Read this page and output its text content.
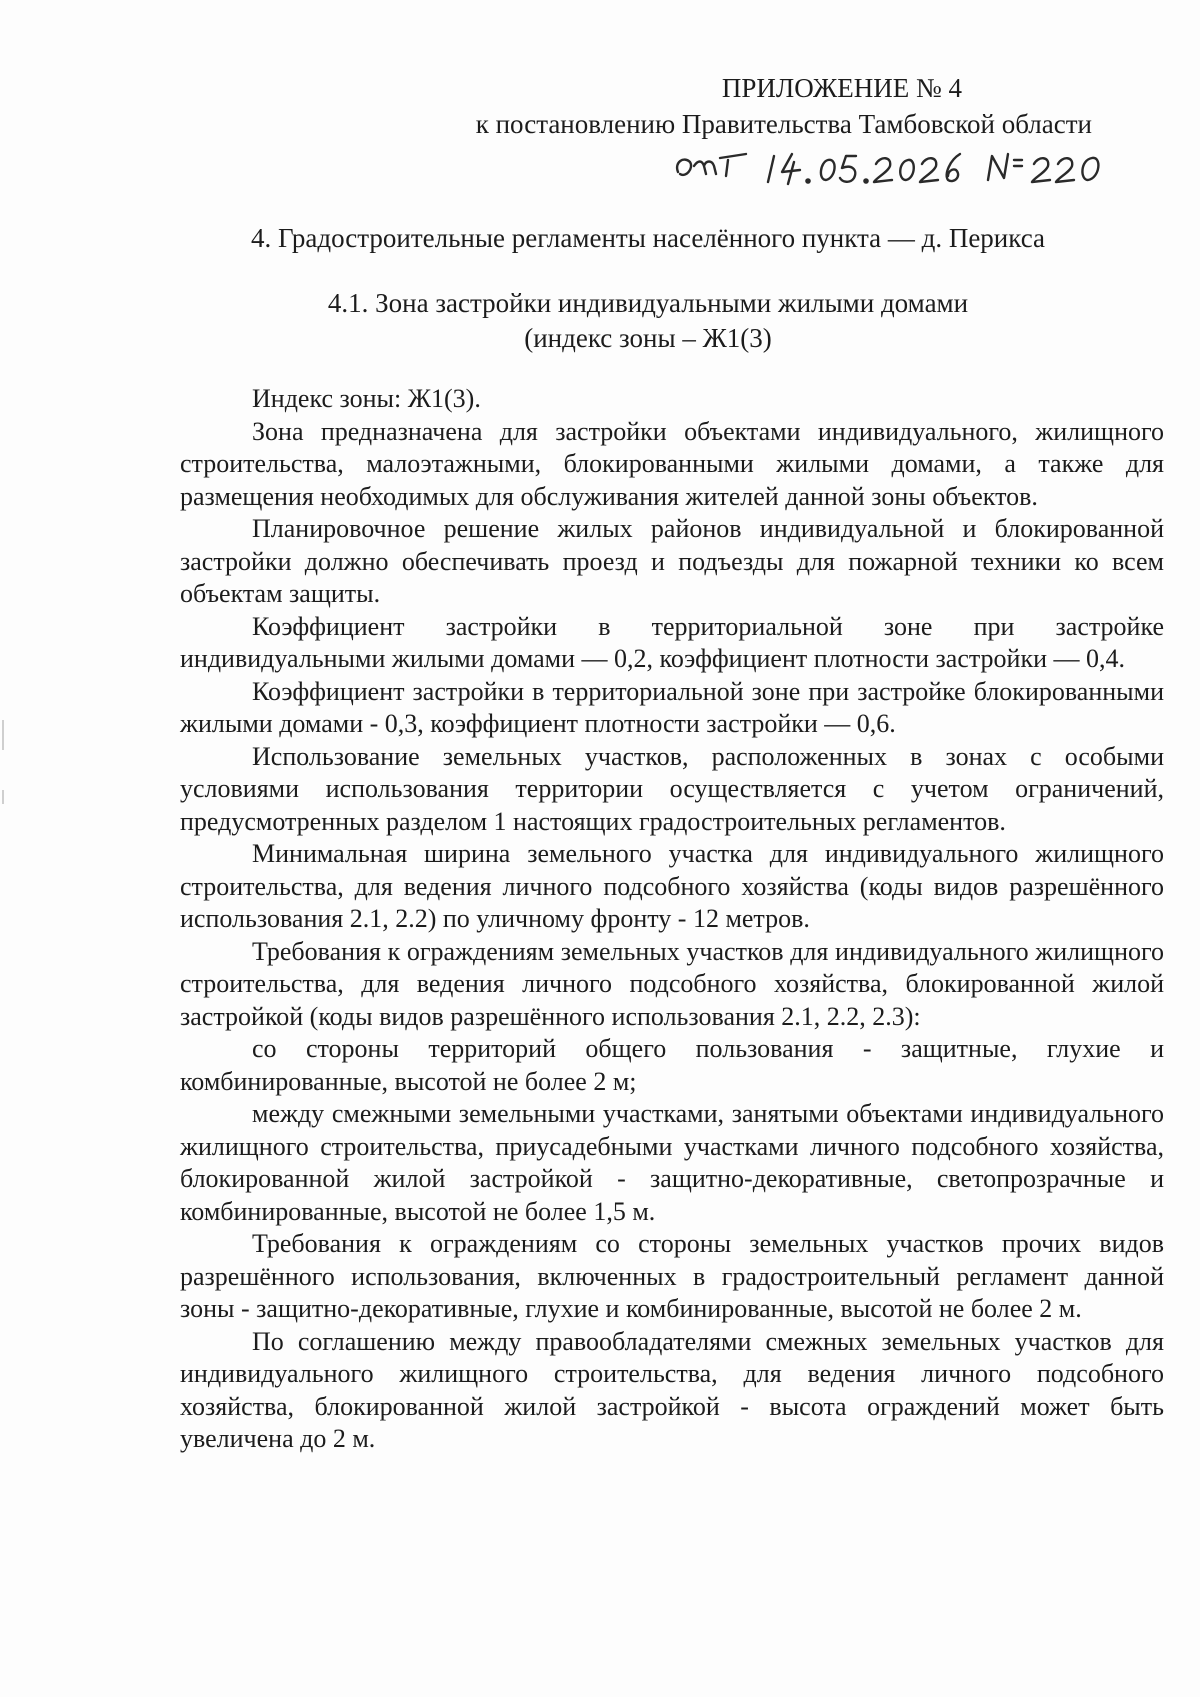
ПРИЛОЖЕНИЕ № 4
к постановлению Правительства Тамбовской области
4. Градостроительные регламенты населённого пункта — д. Перикса
4.1. Зона застройки индивидуальными жилыми домами
(индекс зоны – Ж1(3)

Индекс зоны: Ж1(3).

Зона предназначена для застройки объектами индивидуального, жилищного строительства, малоэтажными, блокированными жилыми домами, а также для размещения необходимых для обслуживания жителей данной зоны объектов.

Планировочное решение жилых районов индивидуальной и блокированной застройки должно обеспечивать проезд и подъезды для пожарной техники ко всем объектам защиты.

Коэффициент застройки в территориальной зоне при застройке индивидуальными жилыми домами — 0,2, коэффициент плотности застройки — 0,4.

Коэффициент застройки в территориальной зоне при застройке блокированными жилыми домами - 0,3, коэффициент плотности застройки — 0,6.

Использование земельных участков, расположенных в зонах с особыми условиями использования территории осуществляется с учетом ограничений, предусмотренных разделом 1 настоящих градостроительных регламентов.

Минимальная ширина земельного участка для индивидуального жилищного строительства, для ведения личного подсобного хозяйства (коды видов разрешённого использования 2.1, 2.2) по уличному фронту - 12 метров.

Требования к ограждениям земельных участков для индивидуального жилищного строительства, для ведения личного подсобного хозяйства, блокированной жилой застройкой (коды видов разрешённого использования 2.1, 2.2, 2.3):

со стороны территорий общего пользования - защитные, глухие и комбинированные, высотой не более 2 м;

между смежными земельными участками, занятыми объектами индивидуального жилищного строительства, приусадебными участками личного подсобного хозяйства, блокированной жилой застройкой - защитно-декоративные, светопрозрачные и комбинированные, высотой не более 1,5 м.

Требования к ограждениям со стороны земельных участков прочих видов разрешённого использования, включенных в градостроительный регламент данной зоны - защитно-декоративные, глухие и комбинированные, высотой не более 2 м.

По соглашению между правообладателями смежных земельных участков для индивидуального жилищного строительства, для ведения личного подсобного хозяйства, блокированной жилой застройкой - высота ограждений может быть увеличена до 2 м.
